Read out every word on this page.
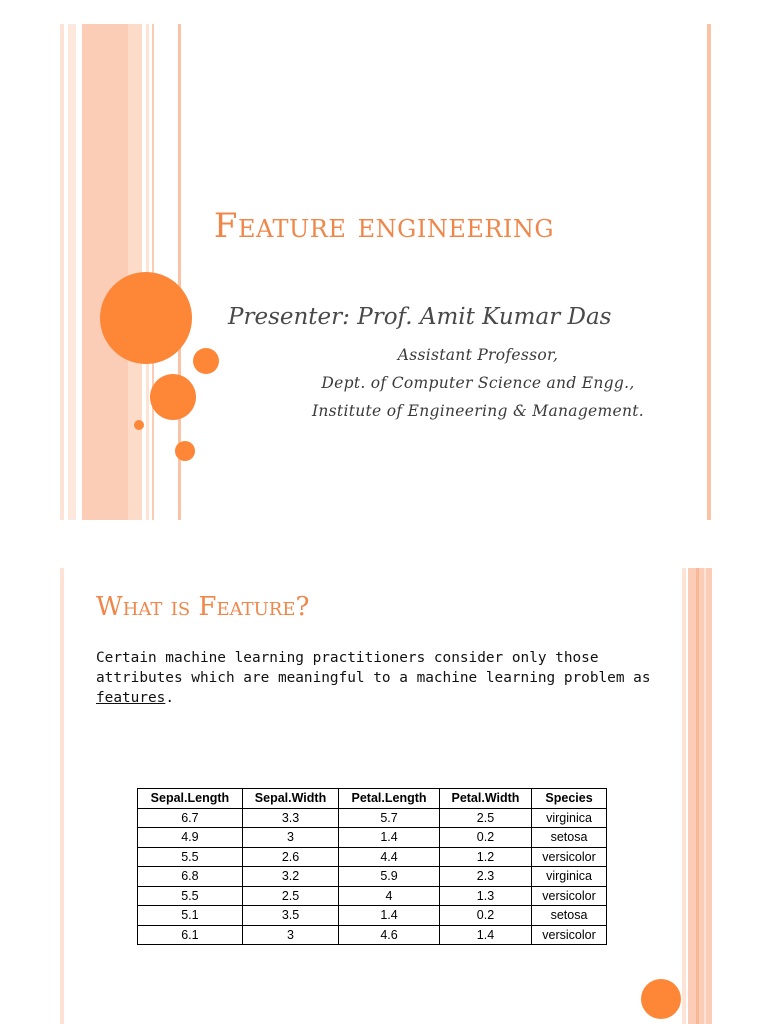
Feature engineering
Presenter: Prof. Amit Kumar Das
Assistant Professor,
Dept. of Computer Science and Engg.,
Institute of Engineering & Management.
What is Feature?
Certain machine learning practitioners consider only those attributes which are meaningful to a machine learning problem as features.
Sepal.Length	Sepal.Width	Petal.Length	Petal.Width	Species
6.7	3.3	5.7	2.5	virginica
4.9	3	1.4	0.2	setosa
5.5	2.6	4.4	1.2	versicolor
6.8	3.2	5.9	2.3	virginica
5.5	2.5	4	1.3	versicolor
5.1	3.5	1.4	0.2	setosa
6.1	3	4.6	1.4	versicolor
